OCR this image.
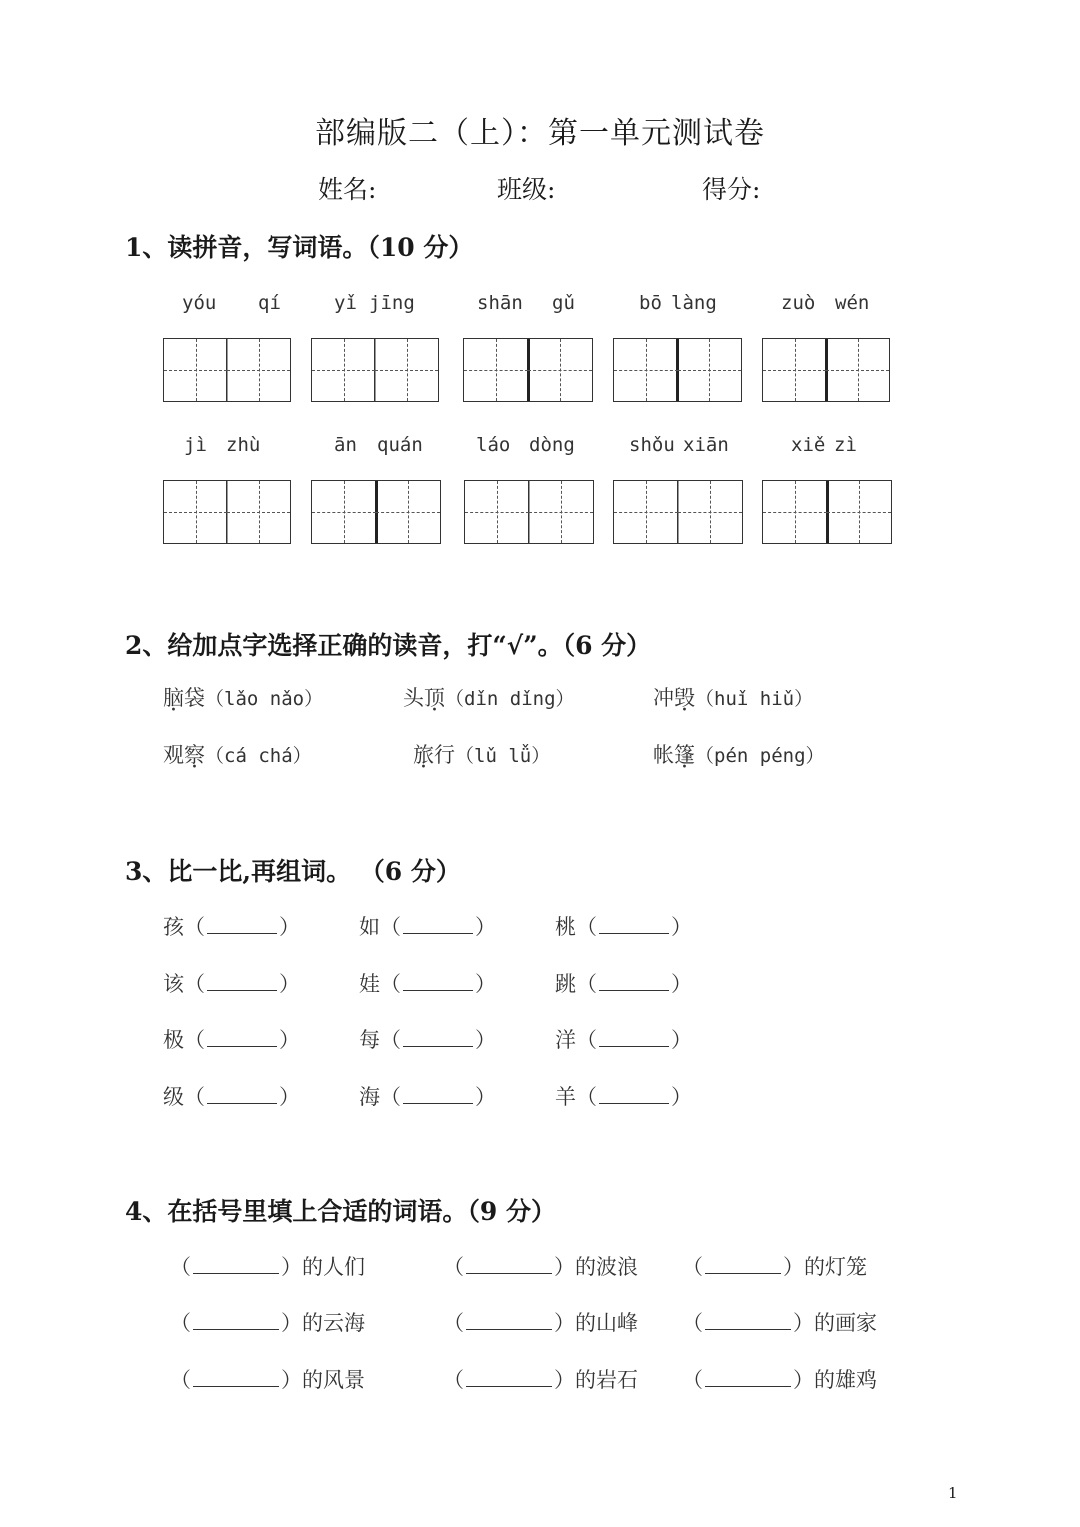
部编版二（上）：第一单元测试卷
姓名:	班级:	得分:
1、读拼音，写词语。（10 分）
yóu qí	yǐ jīng	shān gǔ	bō làng	zuò wén
jì zhù	ān quán	láo dòng	shǒu xiān	xiě zì
2、给加点字选择正确的读音，打“√”。（6 分）
脑袋（lǎo nǎo）	头顶（dǐn dǐng）	冲毁（huǐ hiǔ）
观察（cá chá）	旅行（lǔ lǚ）	帐篷（pén péng）
3、比一比,再组词。 （6 分）
孩（	）	如（	）	桃（	）
该（	）	娃（	）	跳（	）
极（	）	每（	）	洋（	）
级（	）	海（	）	羊（	）
4、在括号里填上合适的词语。（9 分）
（	）的人们	（	）的波浪 （	）的灯笼
（	）的云海	（	）的山峰 （	）的画家
（	）的风景	（	）的岩石 （	）的雄鸡
1
